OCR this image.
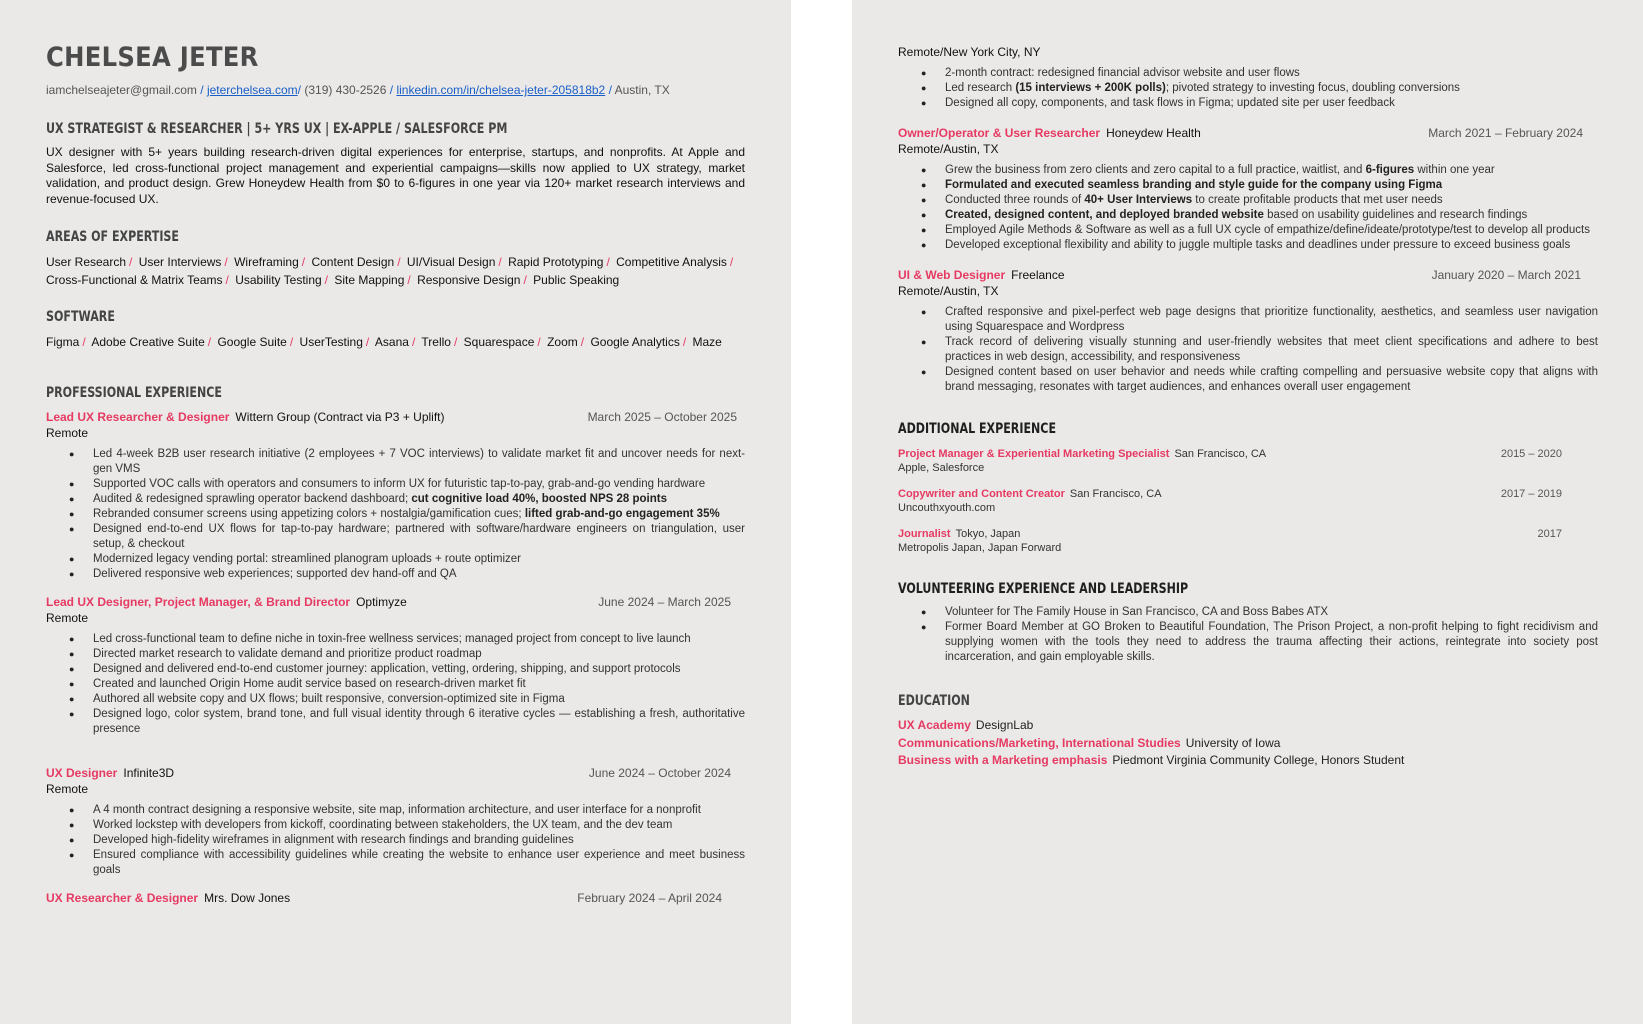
CHELSEA JETER
iamchelseajeter@gmail.com / jeterchelsea.com/ (319) 430-2526 / linkedin.com/in/chelsea-jeter-205818b2 / Austin, TX
UX STRATEGIST & RESEARCHER | 5+ YRS UX | EX-APPLE / SALESFORCE PM
UX designer with 5+ years building research-driven digital experiences for enterprise, startups, and nonprofits. At Apple and Salesforce, led cross-functional project management and experiential campaigns—skills now applied to UX strategy, market validation, and product design. Grew Honeydew Health from $0 to 6-figures in one year via 120+ market research interviews and revenue-focused UX.
AREAS OF EXPERTISE
User Research / User Interviews / Wireframing / Content Design / UI/Visual Design / Rapid Prototyping / Competitive Analysis / Cross-Functional & Matrix Teams / Usability Testing / Site Mapping / Responsive Design / Public Speaking
SOFTWARE
Figma / Adobe Creative Suite / Google Suite / UserTesting / Asana / Trello / Squarespace / Zoom / Google Analytics / Maze
PROFESSIONAL EXPERIENCE
Lead UX Researcher & Designer Wittern Group (Contract via P3 + Uplift)	March 2025 – October 2025
Remote
● Led 4-week B2B user research initiative (2 employees + 7 VOC interviews) to validate market fit and uncover needs for next-gen VMS
● Supported VOC calls with operators and consumers to inform UX for futuristic tap-to-pay, grab-and-go vending hardware
● Audited & redesigned sprawling operator backend dashboard; cut cognitive load 40%, boosted NPS 28 points
● Rebranded consumer screens using appetizing colors + nostalgia/gamification cues; lifted grab-and-go engagement 35%
● Designed end-to-end UX flows for tap-to-pay hardware; partnered with software/hardware engineers on triangulation, user setup, & checkout
● Modernized legacy vending portal: streamlined planogram uploads + route optimizer
● Delivered responsive web experiences; supported dev hand-off and QA
Lead UX Designer, Project Manager, & Brand Director Optimyze	June 2024 – March 2025
Remote
● Led cross-functional team to define niche in toxin-free wellness services; managed project from concept to live launch
● Directed market research to validate demand and prioritize product roadmap
● Designed and delivered end-to-end customer journey: application, vetting, ordering, shipping, and support protocols
● Created and launched Origin Home audit service based on research-driven market fit
● Authored all website copy and UX flows; built responsive, conversion-optimized site in Figma
● Designed logo, color system, brand tone, and full visual identity through 6 iterative cycles — establishing a fresh, authoritative presence
UX Designer Infinite3D	June 2024 – October 2024
Remote
● A 4 month contract designing a responsive website, site map, information architecture, and user interface for a nonprofit
● Worked lockstep with developers from kickoff, coordinating between stakeholders, the UX team, and the dev team
● Developed high-fidelity wireframes in alignment with research findings and branding guidelines
● Ensured compliance with accessibility guidelines while creating the website to enhance user experience and meet business goals
UX Researcher & Designer Mrs. Dow Jones	February 2024 – April 2024
Remote/New York City, NY
● 2-month contract: redesigned financial advisor website and user flows
● Led research (15 interviews + 200K polls); pivoted strategy to investing focus, doubling conversions
● Designed all copy, components, and task flows in Figma; updated site per user feedback
Owner/Operator & User Researcher Honeydew Health	March 2021 – February 2024
Remote/Austin, TX
● Grew the business from zero clients and zero capital to a full practice, waitlist, and 6-figures within one year
● Formulated and executed seamless branding and style guide for the company using Figma
● Conducted three rounds of 40+ User Interviews to create profitable products that met user needs
● Created, designed content, and deployed branded website based on usability guidelines and research findings
● Employed Agile Methods & Software as well as a full UX cycle of empathize/define/ideate/prototype/test to develop all products
● Developed exceptional flexibility and ability to juggle multiple tasks and deadlines under pressure to exceed business goals
UI & Web Designer Freelance	January 2020 – March 2021
Remote/Austin, TX
● Crafted responsive and pixel-perfect web page designs that prioritize functionality, aesthetics, and seamless user navigation using Squarespace and Wordpress
● Track record of delivering visually stunning and user-friendly websites that meet client specifications and adhere to best practices in web design, accessibility, and responsiveness
● Designed content based on user behavior and needs while crafting compelling and persuasive website copy that aligns with brand messaging, resonates with target audiences, and enhances overall user engagement
ADDITIONAL EXPERIENCE
Project Manager & Experiential Marketing Specialist San Francisco, CA	2015 – 2020
Apple, Salesforce
Copywriter and Content Creator San Francisco, CA	2017 – 2019
Uncouthxyouth.com
Journalist Tokyo, Japan	2017
Metropolis Japan, Japan Forward
VOLUNTEERING EXPERIENCE AND LEADERSHIP
● Volunteer for The Family House in San Francisco, CA and Boss Babes ATX
● Former Board Member at GO Broken to Beautiful Foundation, The Prison Project, a non-profit helping to fight recidivism and supplying women with the tools they need to address the trauma affecting their actions, reintegrate into society post incarceration, and gain employable skills.
EDUCATION
UX Academy DesignLab
Communications/Marketing, International Studies University of Iowa
Business with a Marketing emphasis Piedmont Virginia Community College, Honors Student
